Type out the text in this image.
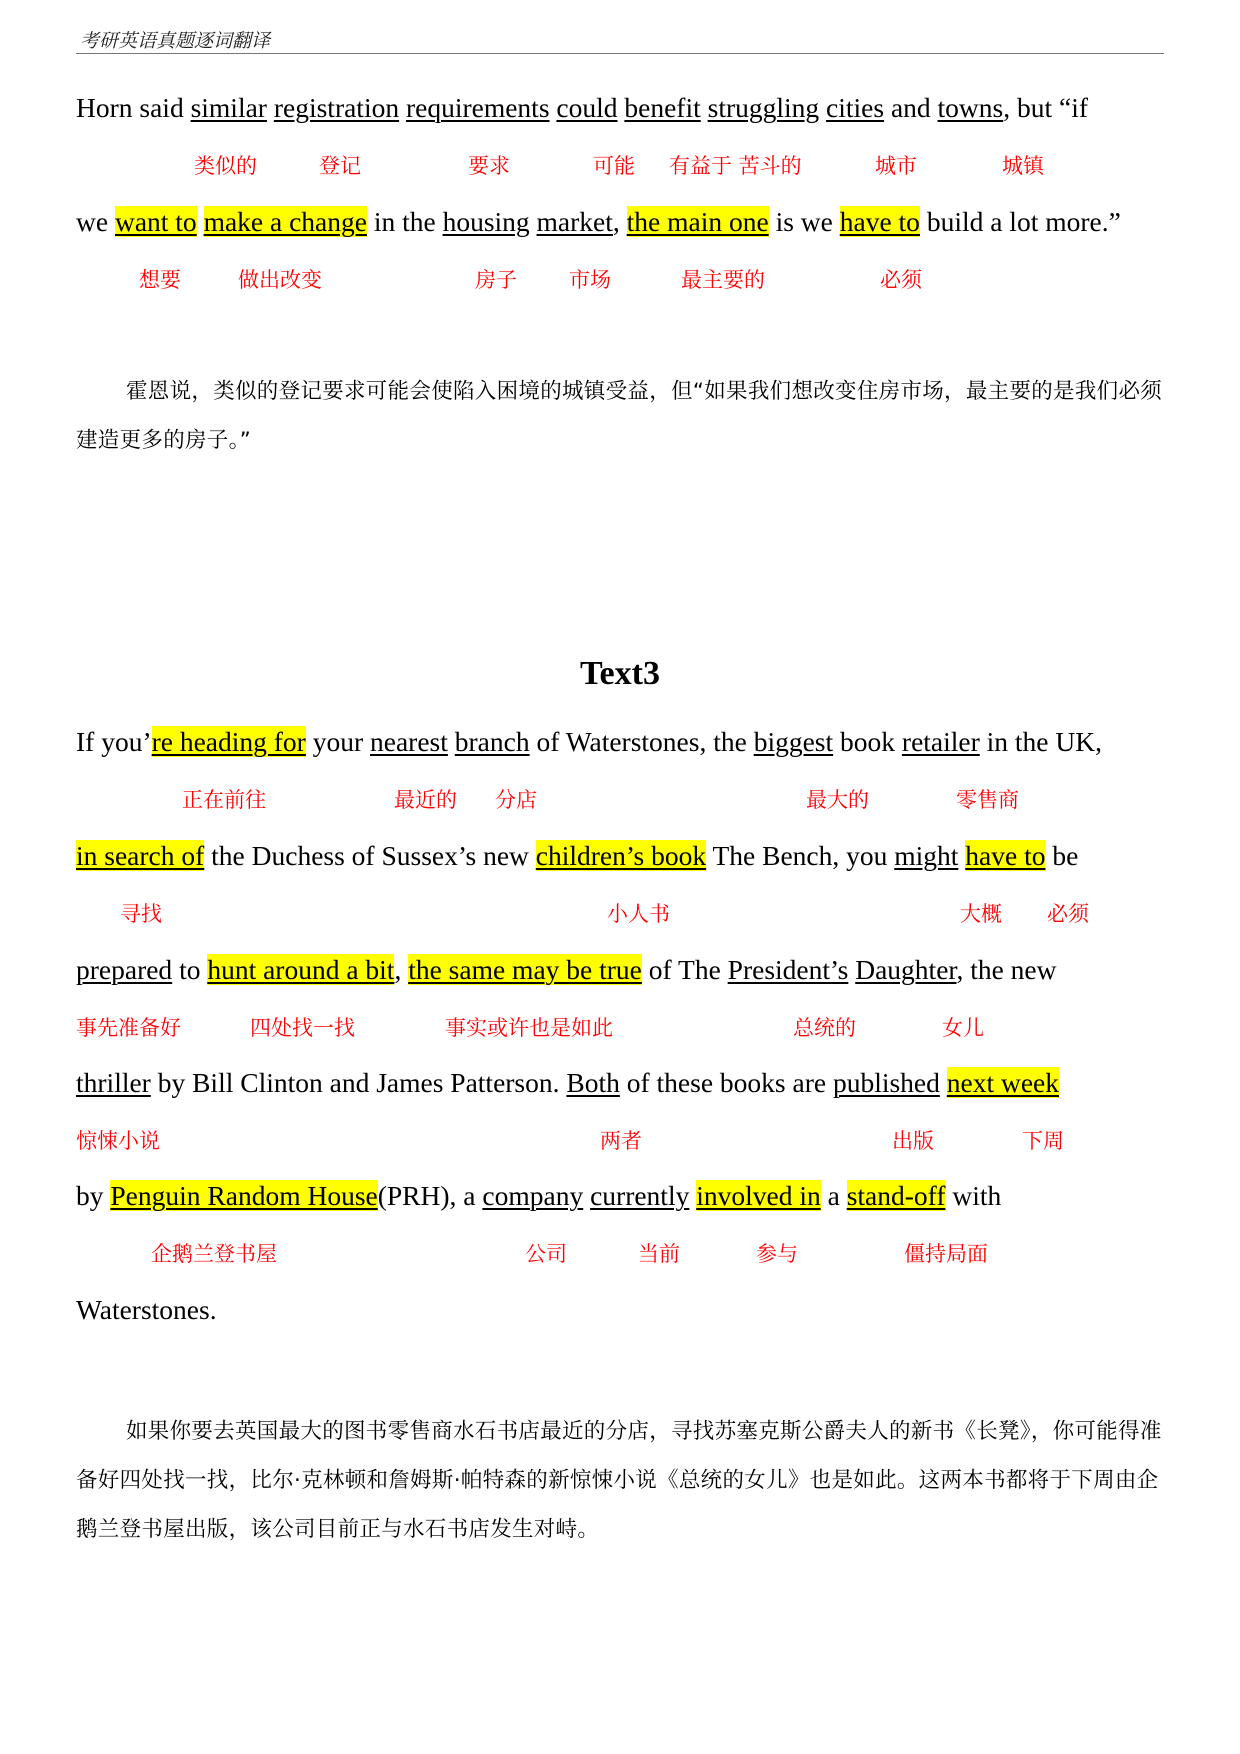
考研英语真题逐词翻译
Horn said similar registration requirements could benefit struggling cities and towns, but “if
类似的	登记	要求	可能 有益于 苦斗的	城市	城镇
we want to make a change in the housing market, the main one is we have to build a lot more.”
想要	做出改变	房子 市场	最主要的	必须
霍恩说，类似的登记要求可能会使陷入困境的城镇受益，但“如果我们想改变住房市场，最主要的是我们必须建造更多的房子。”
Text3
If you’re heading for your nearest branch of Waterstones, the biggest book retailer in the UK,
正在前往	最近的 分店	最大的	零售商
in search of the Duchess of Sussex’s new children’s book The Bench, you might have to be
寻找	小人书	大概 必须
prepared to hunt around a bit, the same may be true of The President’s Daughter, the new
事先准备好	四处找一找	事实或许也是如此	总统的	女儿
thriller by Bill Clinton and James Patterson. Both of these books are published next week
惊悚小说	两者	出版	下周
by Penguin Random House(PRH), a company currently involved in a stand-off with
企鹅兰登书屋	公司	当前	参与	僵持局面
Waterstones.
如果你要去英国最大的图书零售商水石书店最近的分店，寻找苏塞克斯公爵夫人的新书《长凳》，你可能得准备好四处找一找，比尔·克林顿和詹姆斯·帕特森的新惊悚小说《总统的女儿》也是如此。这两本书都将于下周由企鹅兰登书屋出版，该公司目前正与水石书店发生对峙。
